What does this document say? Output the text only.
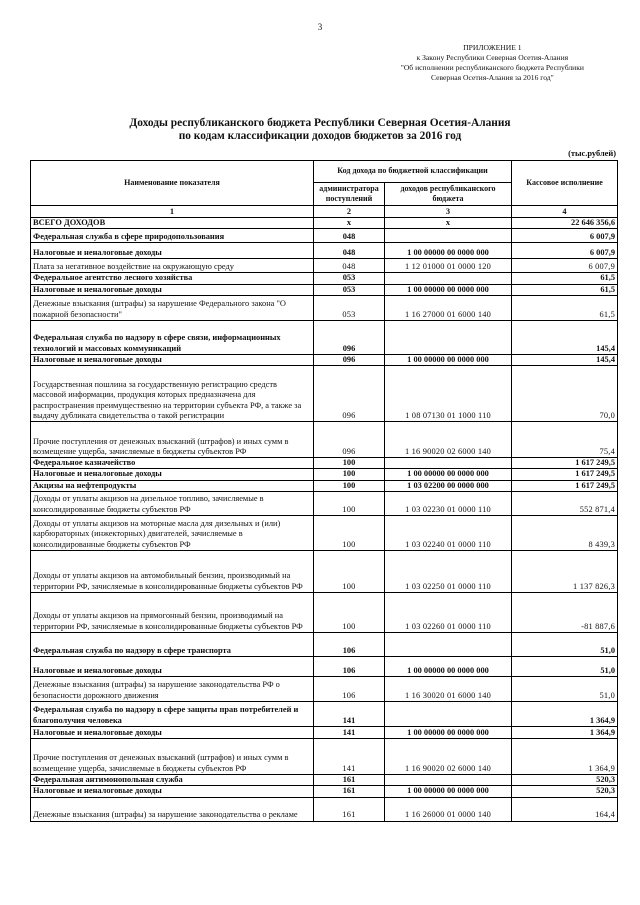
3
ПРИЛОЖЕНИЕ 1
к Закону Республики Северная Осетия-Алания
"Об исполнении республиканского бюджета Республики
Северная Осетия-Алания за 2016 год"
Доходы республиканского бюджета Республики Северная Осетия-Алания
по кодам классификации доходов бюджетов за 2016 год
(тыс.рублей)
Наименование показателя	Код дохода по бюджетной классификации		Кассовое исполнение
	администратора поступлений	доходов республиканского бюджета	
1	2	3	4
ВСЕГО ДОХОДОВ	x	x	22 646 356,6
Федеральная служба в сфере природопользования	048		6 007,9
Налоговые и неналоговые доходы	048	1 00 00000 00 0000 000	6 007,9
Плата за негативное воздействие на окружающую среду	048	1 12 01000 01 0000 120	6 007,9
Федеральное агентство лесного хозяйства	053		61,5
Налоговые и неналоговые доходы	053	1 00 00000 00 0000 000	61,5
Денежные взыскания (штрафы) за нарушение Федерального закона "О пожарной безопасности"	053	1 16 27000 01 6000 140	61,5
Федеральная служба по надзору в сфере связи, информационных технологий и массовых коммуникаций	096		145,4
Налоговые и неналоговые доходы	096	1 00 00000 00 0000 000	145,4
Государственная пошлина за государственную регистрацию средств массовой информации, продукция которых предназначена для распространения преимущественно на территории субъекта РФ, а также за выдачу дубликата свидетельства о такой регистрации	096	1 08 07130 01 1000 110	70,0
Прочие поступления от денежных взысканий (штрафов) и иных сумм в возмещение ущерба, зачисляемые в бюджеты субъектов РФ	096	1 16 90020 02 6000 140	75,4
Федеральное казначейство	100		1 617 249,5
Налоговые и неналоговые доходы	100	1 00 00000 00 0000 000	1 617 249,5
Акцизы на нефтепродукты	100	1 03 02200 00 0000 000	1 617 249,5
Доходы от уплаты акцизов на дизельное топливо, зачисляемые в консолидированные бюджеты субъектов РФ	100	1 03 02230 01 0000 110	552 871,4
Доходы от уплаты акцизов на моторные масла для дизельных и (или) карбюраторных (инжекторных) двигателей, зачисляемые в консолидированные бюджеты субъектов РФ	100	1 03 02240 01 0000 110	8 439,3
Доходы от уплаты акцизов на автомобильный бензин, производимый на территории РФ, зачисляемые в консолидированные бюджеты субъектов РФ	100	1 03 02250 01 0000 110	1 137 826,3
Доходы от уплаты акцизов на прямогонный бензин, производимый на территории РФ, зачисляемые в консолидированные бюджеты субъектов РФ	100	1 03 02260 01 0000 110	-81 887,6
Федеральная служба по надзору в сфере транспорта	106		51,0
Налоговые и неналоговые доходы	106	1 00 00000 00 0000 000	51,0
Денежные взыскания (штрафы) за нарушение законодательства РФ о безопасности дорожного движения	106	1 16 30020 01 6000 140	51,0
Федеральная служба по надзору в сфере защиты прав потребителей и благополучия человека	141		1 364,9
Налоговые и неналоговые доходы	141	1 00 00000 00 0000 000	1 364,9
Прочие поступления от денежных взысканий (штрафов) и иных сумм в возмещение ущерба, зачисляемые в бюджеты субъектов РФ	141	1 16 90020 02 6000 140	1 364,9
Федеральная антимонопольная служба	161		520,3
Налоговые и неналоговые доходы	161	1 00 00000 00 0000 000	520,3
Денежные взыскания (штрафы) за нарушение законодательства о рекламе	161	1 16 26000 01 0000 140	164,4
